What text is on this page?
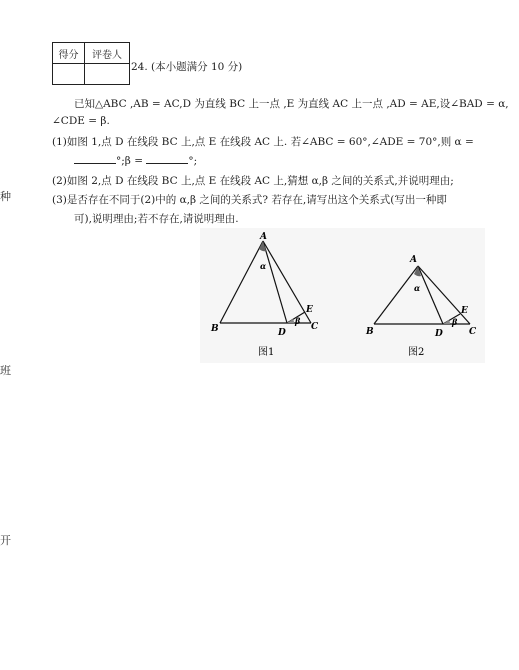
种
班
开
得分	评卷人

24. (本小题满分 10 分)
已知△ABC ,AB = AC,D 为直线 BC 上一点 ,E 为直线 AC 上一点 ,AD = AE,设∠BAD = α,
∠CDE = β.
(1)如图 1,点 D 在线段 BC 上,点 E 在线段 AC 上. 若∠ABC = 60°,∠ADE = 70°,则 α =
°;β =	°;
(2)如图 2,点 D 在线段 BC 上,点 E 在线段 AC 上,猜想 α,β 之间的关系式,并说明理由;
(3)是否存在不同于(2)中的 α,β 之间的关系式? 若存在,请写出这个关系式(写出一种即
可),说明理由;若不存在,请说明理由.
A
B	C
D
E
α
β
图1
A
B	C
D
E
α
β
图2
